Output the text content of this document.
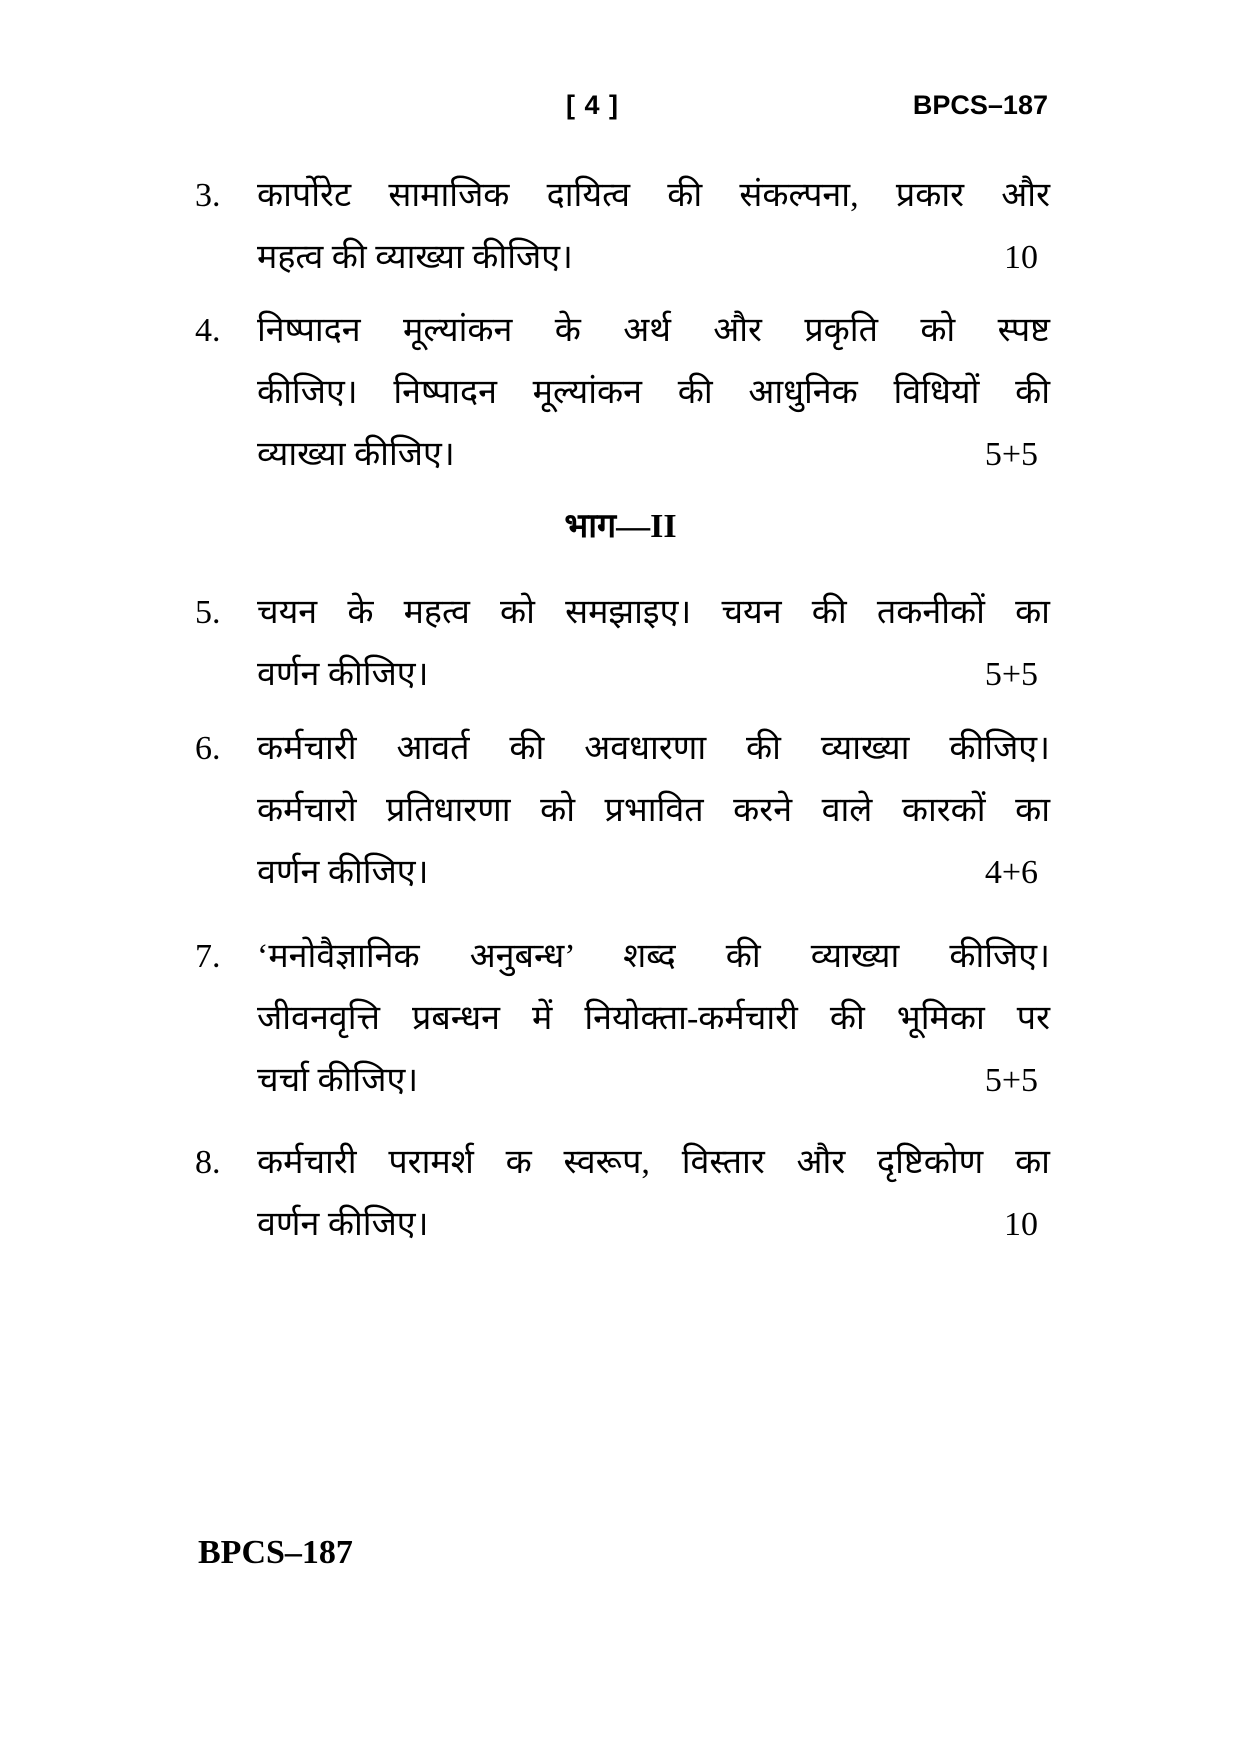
[ 4 ]	BPCS–187
3.	कार्पोरेट सामाजिक दायित्व की संकल्पना, प्रकार और
महत्व की व्याख्या कीजिए।	10
4.	निष्पादन मूल्यांकन के अर्थ और प्रकृति को स्पष्ट
कीजिए। निष्पादन मूल्यांकन की आधुनिक विधियों की
व्याख्या कीजिए।	5+5
भाग—II
5.	चयन के महत्व को समझाइए। चयन की तकनीकों का
वर्णन कीजिए।	5+5
6.	कर्मचारी आवर्त की अवधारणा की व्याख्या कीजिए।
कर्मचारो प्रतिधारणा को प्रभावित करने वाले कारकों का
वर्णन कीजिए।	4+6
7.	‘मनोवैज्ञानिक अनुबन्ध’ शब्द की व्याख्या कीजिए।
जीवनवृत्ति प्रबन्धन में नियोक्ता-कर्मचारी की भूमिका पर
चर्चा कीजिए।	5+5
8.	कर्मचारी परामर्श क स्वरूप, विस्तार और दृष्टिकोण का
वर्णन कीजिए।	10
BPCS–187
